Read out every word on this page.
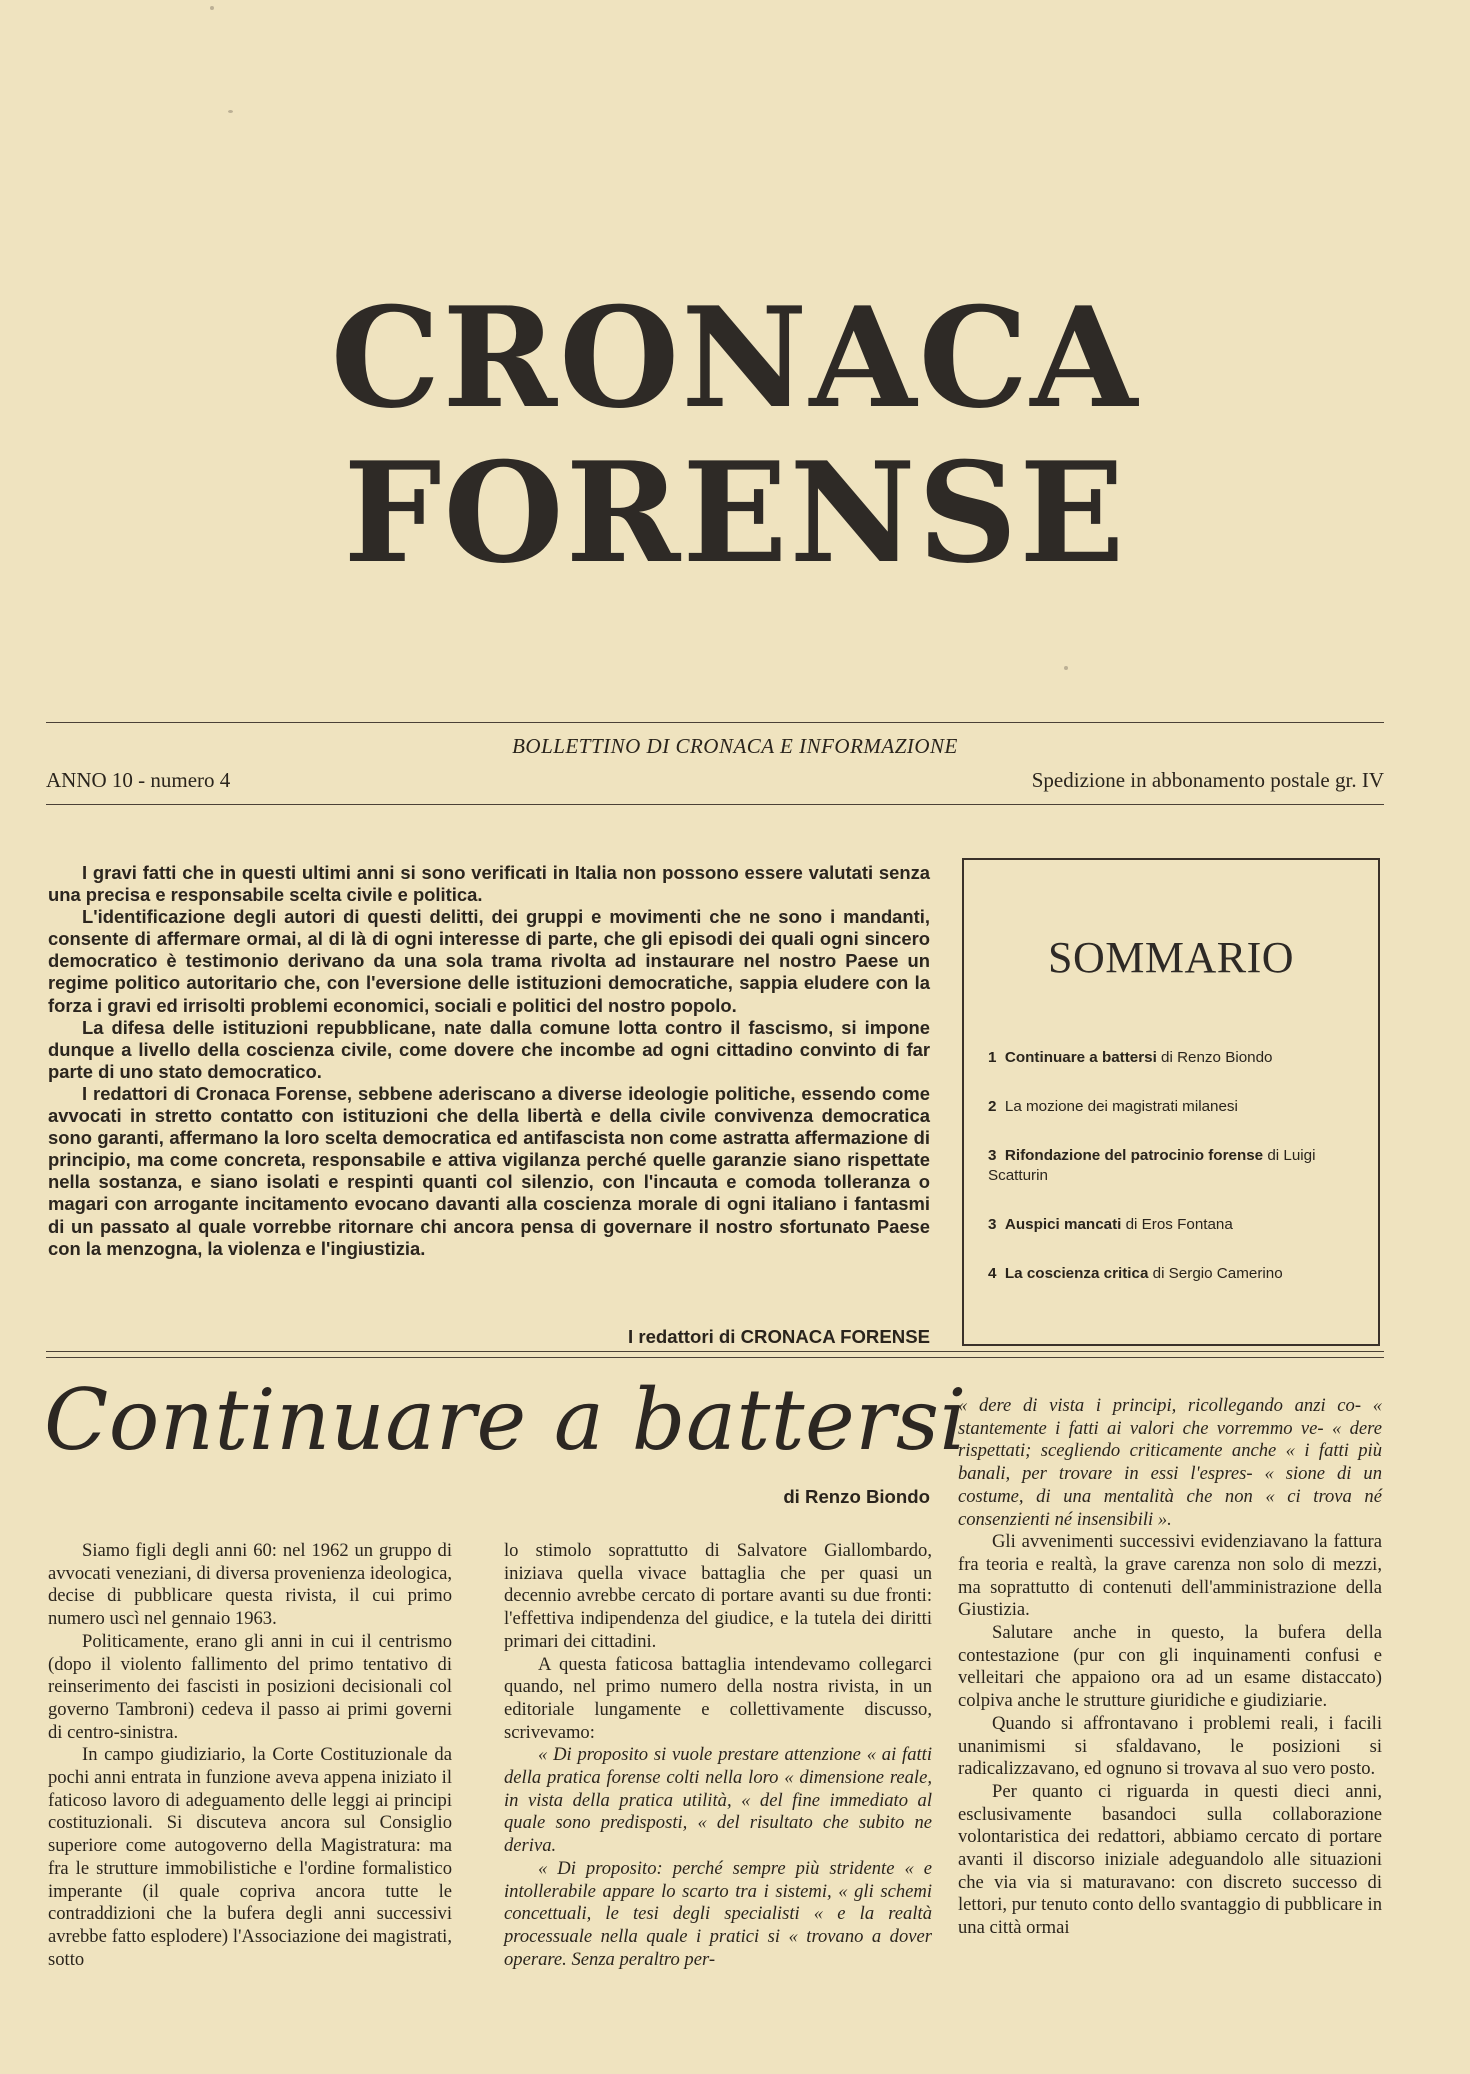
CRONACA
FORENSE
BOLLETTINO DI CRONACA E INFORMAZIONE
ANNO 10 - numero 4	Spedizione in abbonamento postale gr. IV

I gravi fatti che in questi ultimi anni si sono verificati in Italia non possono essere valutati senza una precisa e responsabile scelta civile e politica.

L'identificazione degli autori di questi delitti, dei gruppi e movimenti che ne sono i mandanti, consente di affermare ormai, al di là di ogni interesse di parte, che gli episodi dei quali ogni sincero democratico è testimonio derivano da una sola trama rivolta ad instaurare nel nostro Paese un regime politico autoritario che, con l'eversione delle istituzioni democratiche, sappia eludere con la forza i gravi ed irrisolti problemi economici, sociali e politici del nostro popolo.

La difesa delle istituzioni repubblicane, nate dalla comune lotta contro il fascismo, si impone dunque a livello della coscienza civile, come dovere che incombe ad ogni cittadino convinto di far parte di uno stato democratico.

I redattori di Cronaca Forense, sebbene aderiscano a diverse ideologie politiche, essendo come avvocati in stretto contatto con istituzioni che della libertà e della civile convivenza democratica sono garanti, affermano la loro scelta democratica ed antifascista non come astratta affermazione di principio, ma come concreta, responsabile e attiva vigilanza perché quelle garanzie siano rispettate nella sostanza, e siano isolati e respinti quanti col silenzio, con l'incauta e comoda tolleranza o magari con arrogante incitamento evocano davanti alla coscienza morale di ogni italiano i fantasmi di un passato al quale vorrebbe ritornare chi ancora pensa di governare il nostro sfortunato Paese con la menzogna, la violenza e l'ingiustizia.

I redattori di CRONACA FORENSE
SOMMARIO
1 Continuare a battersi di Renzo Biondo
2 La mozione dei magistrati milanesi
3 Rifondazione del patrocinio forense di Luigi Scatturin
3 Auspici mancati di Eros Fontana
4 La coscienza critica di Sergio Camerino
Continuare a battersi
di Renzo Biondo

Siamo figli degli anni 60: nel 1962 un gruppo di avvocati veneziani, di diversa provenienza ideologica, decise di pubblicare questa rivista, il cui primo numero uscì nel gennaio 1963.

Politicamente, erano gli anni in cui il centrismo (dopo il violento fallimento del primo tentativo di reinserimento dei fascisti in posizioni decisionali col governo Tambroni) cedeva il passo ai primi governi di centro-sinistra.

In campo giudiziario, la Corte Costituzionale da pochi anni entrata in funzione aveva appena iniziato il faticoso lavoro di adeguamento delle leggi ai principi costituzionali. Si discuteva ancora sul Consiglio superiore come autogoverno della Magistratura: ma fra le strutture immobilistiche e l'ordine formalistico imperante (il quale copriva ancora tutte le contraddizioni che la bufera degli anni successivi avrebbe fatto esplodere) l'Associazione dei magistrati, sotto

lo stimolo soprattutto di Salvatore Giallombardo, iniziava quella vivace battaglia che per quasi un decennio avrebbe cercato di portare avanti su due fronti: l'effettiva indipendenza del giudice, e la tutela dei diritti primari dei cittadini.

A questa faticosa battaglia intendevamo collegarci quando, nel primo numero della nostra rivista, in un editoriale lungamente e collettivamente discusso, scrivevamo:

« Di proposito si vuole prestare attenzione « ai fatti della pratica forense colti nella loro « dimensione reale, in vista della pratica utilità, « del fine immediato al quale sono predisposti, « del risultato che subito ne deriva.

« Di proposito: perché sempre più stridente « e intollerabile appare lo scarto tra i sistemi, « gli schemi concettuali, le tesi degli specialisti « e la realtà processuale nella quale i pratici si « trovano a dover operare. Senza peraltro per-

« dere di vista i principi, ricollegando anzi co- « stantemente i fatti ai valori che vorremmo ve- « dere rispettati; scegliendo criticamente anche « i fatti più banali, per trovare in essi l'espres- « sione di un costume, di una mentalità che non « ci trova né consenzienti né insensibili ».

Gli avvenimenti successivi evidenziavano la fattura fra teoria e realtà, la grave carenza non solo di mezzi, ma soprattutto di contenuti dell'amministrazione della Giustizia.

Salutare anche in questo, la bufera della contestazione (pur con gli inquinamenti confusi e velleitari che appaiono ora ad un esame distaccato) colpiva anche le strutture giuridiche e giudiziarie.

Quando si affrontavano i problemi reali, i facili unanimismi si sfaldavano, le posizioni si radicalizzavano, ed ognuno si trovava al suo vero posto.

Per quanto ci riguarda in questi dieci anni, esclusivamente basandoci sulla collaborazione volontaristica dei redattori, abbiamo cercato di portare avanti il discorso iniziale adeguandolo alle situazioni che via via si maturavano: con discreto successo di lettori, pur tenuto conto dello svantaggio di pubblicare in una città ormai
